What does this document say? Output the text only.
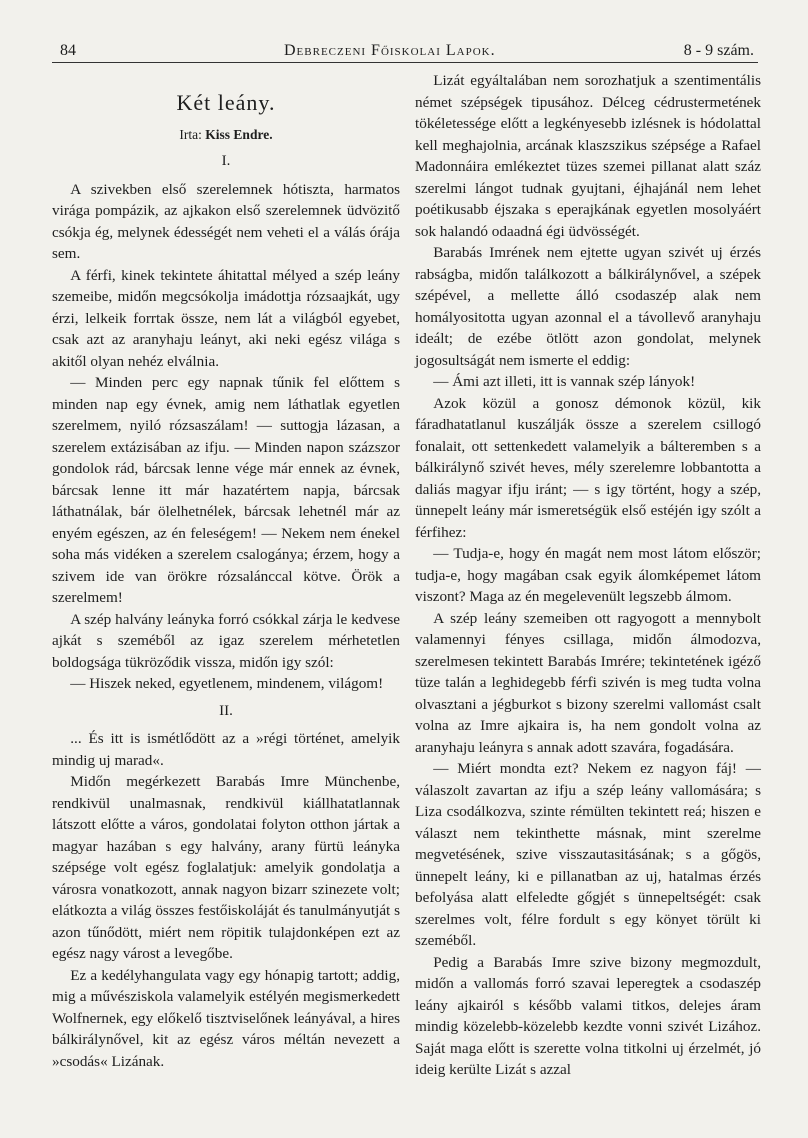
84	Debreczeni Főiskolai Lapok.	8 - 9 szám.
Két leány.
Irta: Kiss Endre.
I.

A szivekben első szerelemnek hótiszta, harmatos virága pompázik, az ajkakon első szerelemnek üdvözitő csókja ég, melynek édességét nem veheti el a válás órája sem.

A férfi, kinek tekintete áhitattal mélyed a szép leány szemeibe, midőn megcsókolja imádottja rózsaajkát, ugy érzi, lelkeik forrtak össze, nem lát a világból egyebet, csak azt az aranyhaju leányt, aki neki egész világa s akitől olyan nehéz elválnia.

— Minden perc egy napnak tűnik fel előttem s minden nap egy évnek, amig nem láthatlak egyetlen szerelmem, nyiló rózsaszálam! — suttogja lázasan, a szerelem extázisában az ifju. — Minden napon százszor gondolok rád, bárcsak lenne vége már ennek az évnek, bárcsak lenne itt már hazatértem napja, bárcsak láthatnálak, bár ölelhetnélek, bárcsak lehetnél már az enyém egészen, az én feleségem! — Nekem nem énekel soha más vidéken a szerelem csalogánya; érzem, hogy a szivem ide van örökre rózsalánccal kötve. Örök a szerelmem!

A szép halvány leányka forró csókkal zárja le kedvese ajkát s szeméből az igaz szerelem mérhetetlen boldogsága tükröződik vissza, midőn igy szól:

— Hiszek neked, egyetlenem, mindenem, világom!

II.

... És itt is ismétlődött az a »régi történet, amelyik mindig uj marad«.

Midőn megérkezett Barabás Imre Münchenbe, rendkivül unalmasnak, rendkivül kiállhatatlannak látszott előtte a város, gondolatai folyton otthon jártak a magyar hazában s egy halvány, arany fürtü leányka szépsége volt egész foglalatjuk: amelyik gondolatja a városra vonatkozott, annak nagyon bizarr szinezete volt; elátkozta a világ összes festőiskoláját és tanulmányutját s azon tűnődött, miért nem röpitik tulajdonképen ezt az egész nagy várost a levegőbe.

Ez a kedélyhangulata vagy egy hónapig tartott; addig, mig a művésziskola valamelyik estélyén megismerkedett Wolfnernek, egy előkelő tisztviselőnek leányával, a hires bálkirálynővel, kit az egész város méltán nevezett a »csodás« Lizának.

Lizát egyáltalában nem sorozhatjuk a szentimentális német szépségek tipusához. Délceg cédrustermetének tökéletessége előtt a legkényesebb izlésnek is hódolattal kell meghajolnia, arcának klaszszikus szépsége a Rafael Madonnáira emlékeztet tüzes szemei pillanat alatt száz szerelmi lángot tudnak gyujtani, éjhajánál nem lehet poétikusabb éjszaka s eperajkának egyetlen mosolyáért sok halandó odaadná égi üdvösségét.

Barabás Imrének nem ejtette ugyan szivét uj érzés rabságba, midőn találkozott a bálkirálynővel, a szépek szépével, a mellette álló csodaszép alak nem homályositotta ugyan azonnal el a távollevő aranyhaju ideált; de ezébe ötlött azon gondolat, melynek jogosultságát nem ismerte el eddig:

— Ámi azt illeti, itt is vannak szép lányok!

Azok közül a gonosz démonok közül, kik fáradhatatlanul kuszálják össze a szerelem csillogó fonalait, ott settenkedett valamelyik a bálteremben s a bálkirálynő szivét heves, mély szerelemre lobbantotta a daliás magyar ifju iránt; — s igy történt, hogy a szép, ünnepelt leány már ismeretségük első estéjén igy szólt a férfihez:

— Tudja-e, hogy én magát nem most látom először; tudja-e, hogy magában csak egyik álomképemet látom viszont? Maga az én megelevenült legszebb álmom.

A szép leány szemeiben ott ragyogott a mennybolt valamennyi fényes csillaga, midőn álmodozva, szerelmesen tekintett Barabás Imrére; tekintetének igéző tüze talán a leghidegebb férfi szivén is meg tudta volna olvasztani a jégburkot s bizony szerelmi vallomást csalt volna az Imre ajkaira is, ha nem gondolt volna az aranyhaju leányra s annak adott szavára, fogadására.

— Miért mondta ezt? Nekem ez nagyon fáj! — válaszolt zavartan az ifju a szép leány vallomására; s Liza csodálkozva, szinte rémülten tekintett reá; hiszen e választ nem tekinthette másnak, mint szerelme megvetésének, szive visszautasitásának; s a gőgös, ünnepelt leány, ki e pillanatban az uj, hatalmas érzés befolyása alatt elfeledte gőgjét s ünnepeltségét: csak szerelmes volt, félre fordult s egy könyet törült ki szeméből.

Pedig a Barabás Imre szive bizony megmozdult, midőn a vallomás forró szavai leperegtek a csodaszép leány ajkairól s később valami titkos, delejes áram mindig közelebb-közelebb kezdte vonni szivét Lizához. Saját maga előtt is szerette volna titkolni uj érzelmét, jó ideig kerülte Lizát s azzal
